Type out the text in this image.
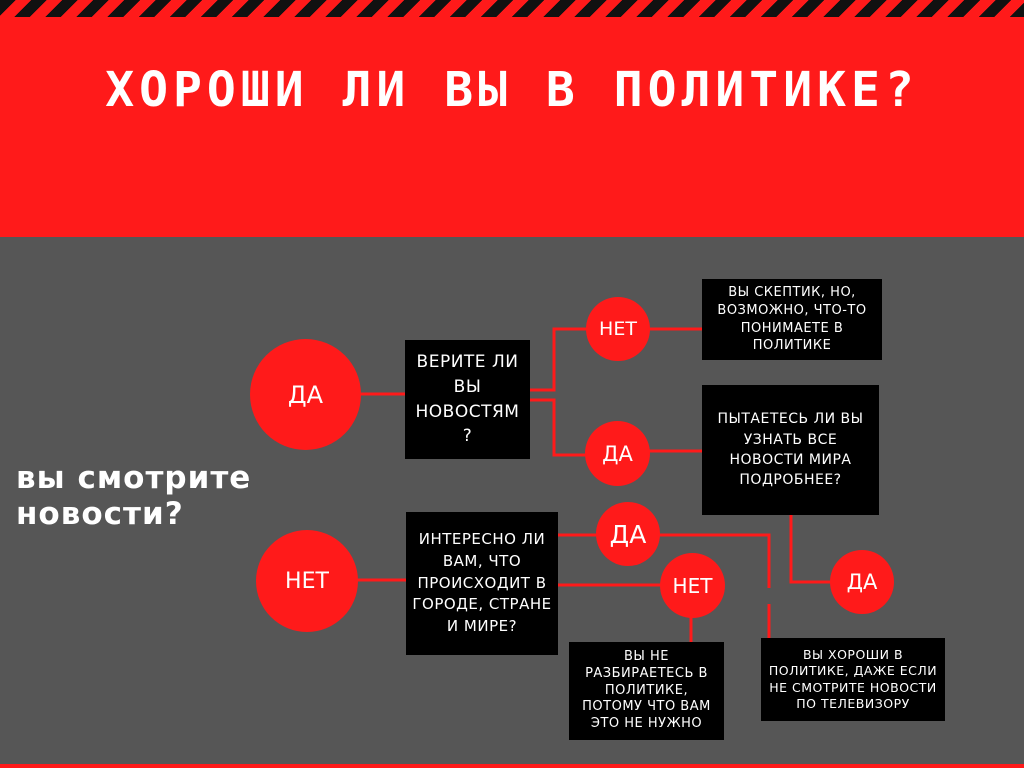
ХОРОШИ ЛИ ВЫ В ПОЛИТИКЕ?
вы смотрите
новости?
ДА
НЕТ
ВЕРИТЕ ЛИ ВЫ НОВОСТЯМ ?
ИНТЕРЕСНО ЛИ ВАМ, ЧТО ПРОИСХОДИТ В ГОРОДЕ, СТРАНЕ И МИРЕ?
НЕТ
ДА
ВЫ СКЕПТИК, НО, ВОЗМОЖНО, ЧТО-ТО ПОНИМАЕТЕ В ПОЛИТИКЕ
ПЫТАЕТЕСЬ ЛИ ВЫ УЗНАТЬ ВСЕ НОВОСТИ МИРА ПОДРОБНЕЕ?
ДА
НЕТ	ДА
ВЫ НЕ РАЗБИРАЕТЕСЬ В ПОЛИТИКЕ, ПОТОМУ ЧТО ВАМ ЭТО НЕ НУЖНО
ВЫ ХОРОШИ В ПОЛИТИКЕ, ДАЖЕ ЕСЛИ НЕ СМОТРИТЕ НОВОСТИ ПО ТЕЛЕВИЗОРУ
